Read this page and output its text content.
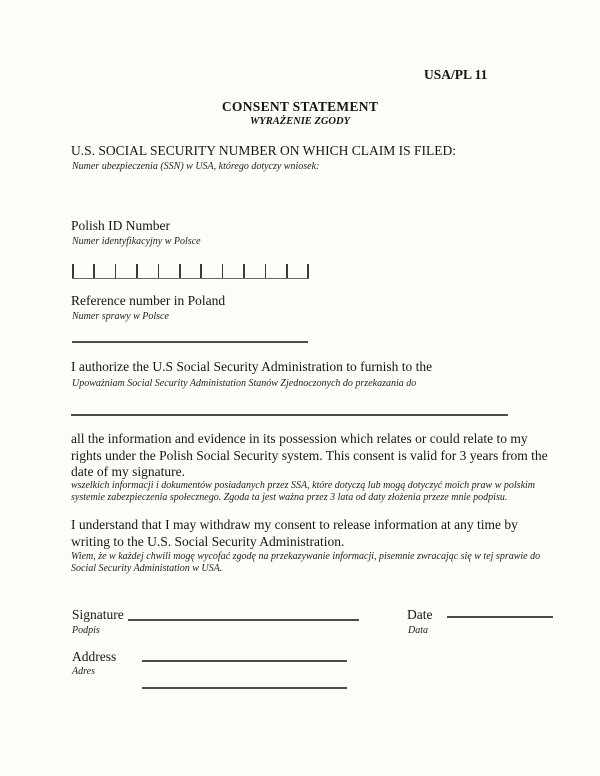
USA/PL 11
CONSENT STATEMENT
WYRAŻENIE ZGODY
U.S. SOCIAL SECURITY NUMBER ON WHICH CLAIM IS FILED:
Numer ubezpieczenia (SSN) w USA, którego dotyczy wniosek:
Polish ID Number
Numer identyfikacyjny w Polsce
Reference number in Poland
Numer sprawy w Polsce
I authorize the U.S Social Security Administration to furnish to the
Upoważniam Social Security Administation Stanów Zjednoczonych do przekazania do
all the information and evidence in its possession which relates or could relate to my rights under the Polish Social Security system. This consent is valid for 3 years from the date of my signature.
wszelkich informacji i dokumentów posiadanych przez SSA, które dotyczą lub mogą dotyczyć moich praw w polskim systemie zabezpieczenia społecznego. Zgoda ta jest ważna przez 3 lata od daty złożenia przeze mnie podpisu.
I understand that I may withdraw my consent to release information at any time by writing to the U.S. Social Security Administration.
Wiem, że w każdej chwili mogę wycofać zgodę na przekazywanie informacji, pisemnie zwracając się w tej sprawie do Social Security Administation w USA.
Signature
Podpis
Date
Data
Address
Adres
